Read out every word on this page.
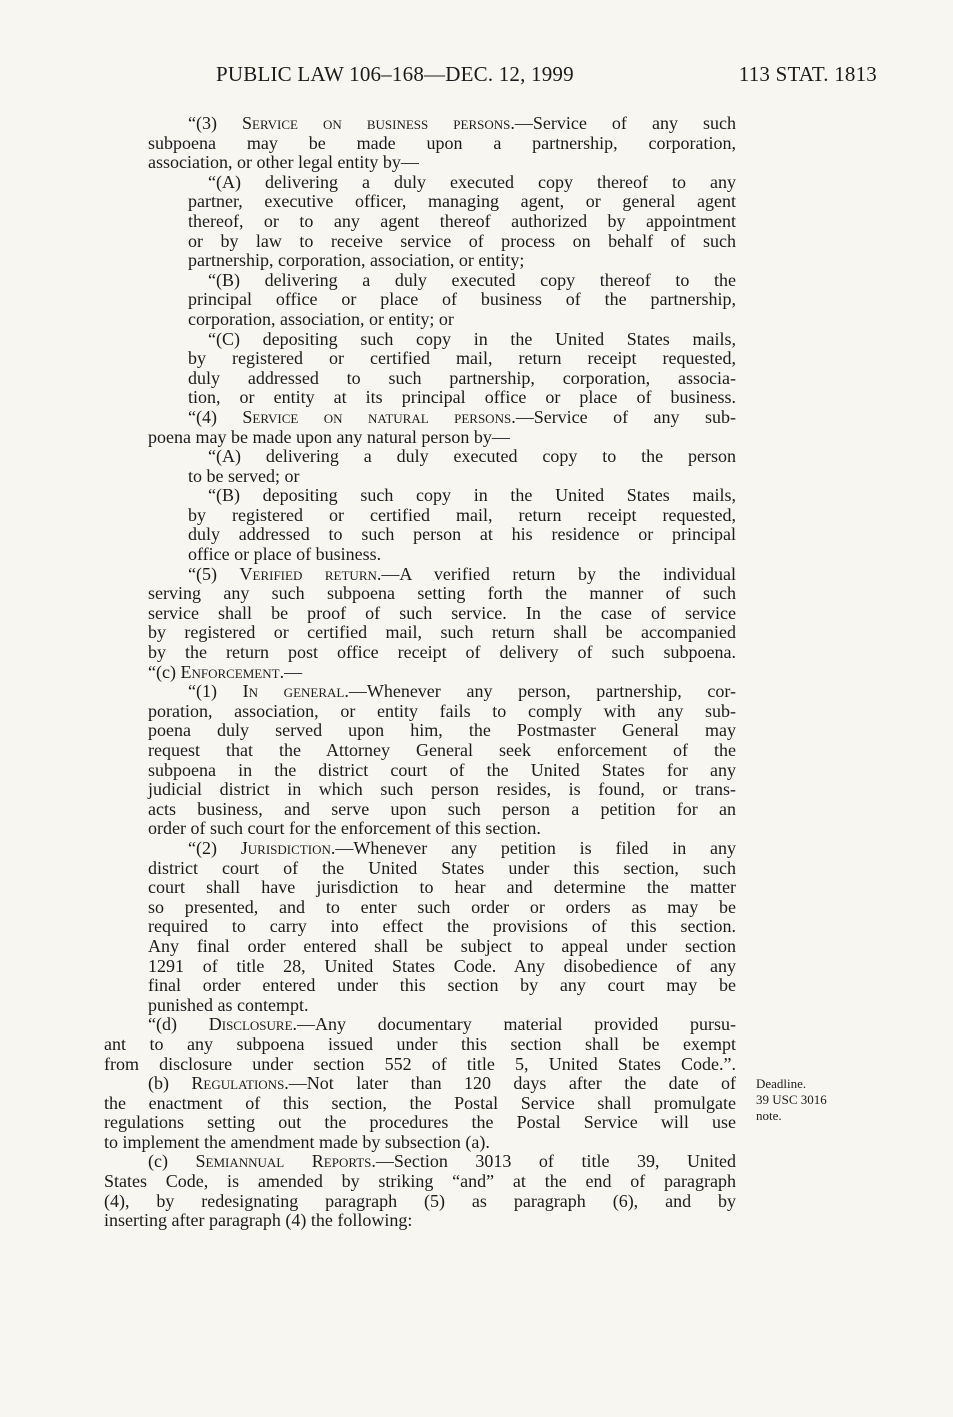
PUBLIC LAW 106–168—DEC. 12, 1999	113 STAT. 1813
“(3) Service on business persons.—Service of any such
subpoena may be made upon a partnership, corporation,
association, or other legal entity by—
“(A) delivering a duly executed copy thereof to any
partner, executive officer, managing agent, or general agent
thereof, or to any agent thereof authorized by appointment
or by law to receive service of process on behalf of such
partnership, corporation, association, or entity;
“(B) delivering a duly executed copy thereof to the
principal office or place of business of the partnership,
corporation, association, or entity; or
“(C) depositing such copy in the United States mails,
by registered or certified mail, return receipt requested,
duly addressed to such partnership, corporation, associa-
tion, or entity at its principal office or place of business.
“(4) Service on natural persons.—Service of any sub-
poena may be made upon any natural person by—
“(A) delivering a duly executed copy to the person
to be served; or
“(B) depositing such copy in the United States mails,
by registered or certified mail, return receipt requested,
duly addressed to such person at his residence or principal
office or place of business.
“(5) Verified return.—A verified return by the individual
serving any such subpoena setting forth the manner of such
service shall be proof of such service. In the case of service
by registered or certified mail, such return shall be accompanied
by the return post office receipt of delivery of such subpoena.
“(c) Enforcement.—
“(1) In general.—Whenever any person, partnership, cor-
poration, association, or entity fails to comply with any sub-
poena duly served upon him, the Postmaster General may
request that the Attorney General seek enforcement of the
subpoena in the district court of the United States for any
judicial district in which such person resides, is found, or trans-
acts business, and serve upon such person a petition for an
order of such court for the enforcement of this section.
“(2) Jurisdiction.—Whenever any petition is filed in any
district court of the United States under this section, such
court shall have jurisdiction to hear and determine the matter
so presented, and to enter such order or orders as may be
required to carry into effect the provisions of this section.
Any final order entered shall be subject to appeal under section
1291 of title 28, United States Code. Any disobedience of any
final order entered under this section by any court may be
punished as contempt.
“(d) Disclosure.—Any documentary material provided pursu-
ant to any subpoena issued under this section shall be exempt
from disclosure under section 552 of title 5, United States Code.”.
(b) Regulations.—Not later than 120 days after the date of
the enactment of this section, the Postal Service shall promulgate
regulations setting out the procedures the Postal Service will use
to implement the amendment made by subsection (a).
(c) Semiannual Reports.—Section 3013 of title 39, United
States Code, is amended by striking “and” at the end of paragraph
(4), by redesignating paragraph (5) as paragraph (6), and by
inserting after paragraph (4) the following:
Deadline.
39 USC 3016
note.
